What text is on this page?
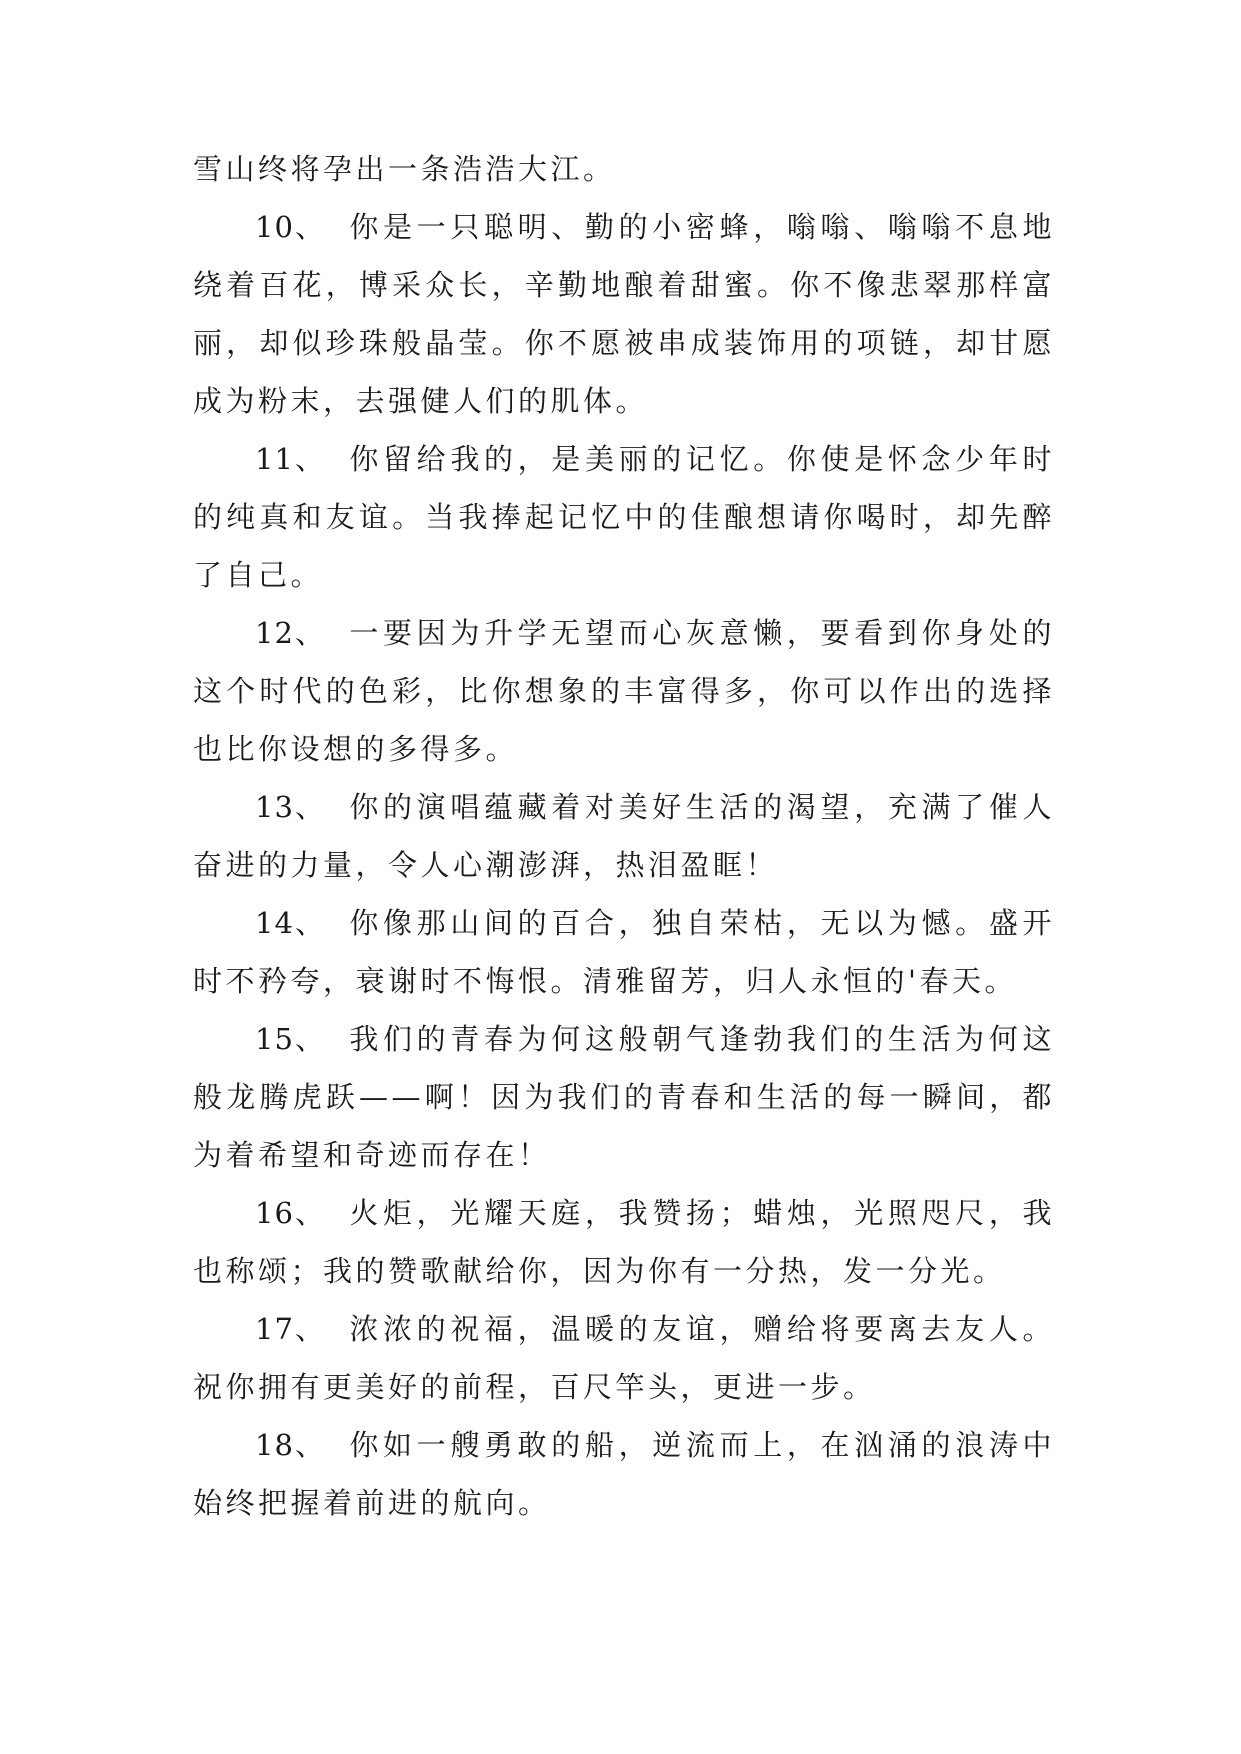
雪山终将孕出一条浩浩大江。

10、 你是一只聪明、勤的小密蜂，嗡嗡、嗡嗡不息地绕着百花，博采众长，辛勤地酿着甜蜜。你不像悲翠那样富丽，却似珍珠般晶莹。你不愿被串成装饰用的项链，却甘愿成为粉末，去强健人们的肌体。

11、 你留给我的，是美丽的记忆。你使是怀念少年时的纯真和友谊。当我捧起记忆中的佳酿想请你喝时，却先醉了自己。

12、 一要因为升学无望而心灰意懒，要看到你身处的这个时代的色彩，比你想象的丰富得多，你可以作出的选择也比你设想的多得多。

13、 你的演唱蕴藏着对美好生活的渴望，充满了催人奋进的力量，令人心潮澎湃，热泪盈眶！

14、 你像那山间的百合，独自荣枯，无以为憾。盛开时不矜夸，衰谢时不悔恨。清雅留芳，归人永恒的'春天。

15、 我们的青春为何这般朝气逢勃我们的生活为何这般龙腾虎跃——啊！因为我们的青春和生活的每一瞬间，都为着希望和奇迹而存在！

16、 火炬，光耀天庭，我赞扬；蜡烛，光照咫尺，我也称颂；我的赞歌献给你，因为你有一分热，发一分光。

17、 浓浓的祝福，温暖的友谊，赠给将要离去友人。祝你拥有更美好的前程，百尺竿头，更进一步。

18、 你如一艘勇敢的船，逆流而上，在汹涌的浪涛中始终把握着前进的航向。
